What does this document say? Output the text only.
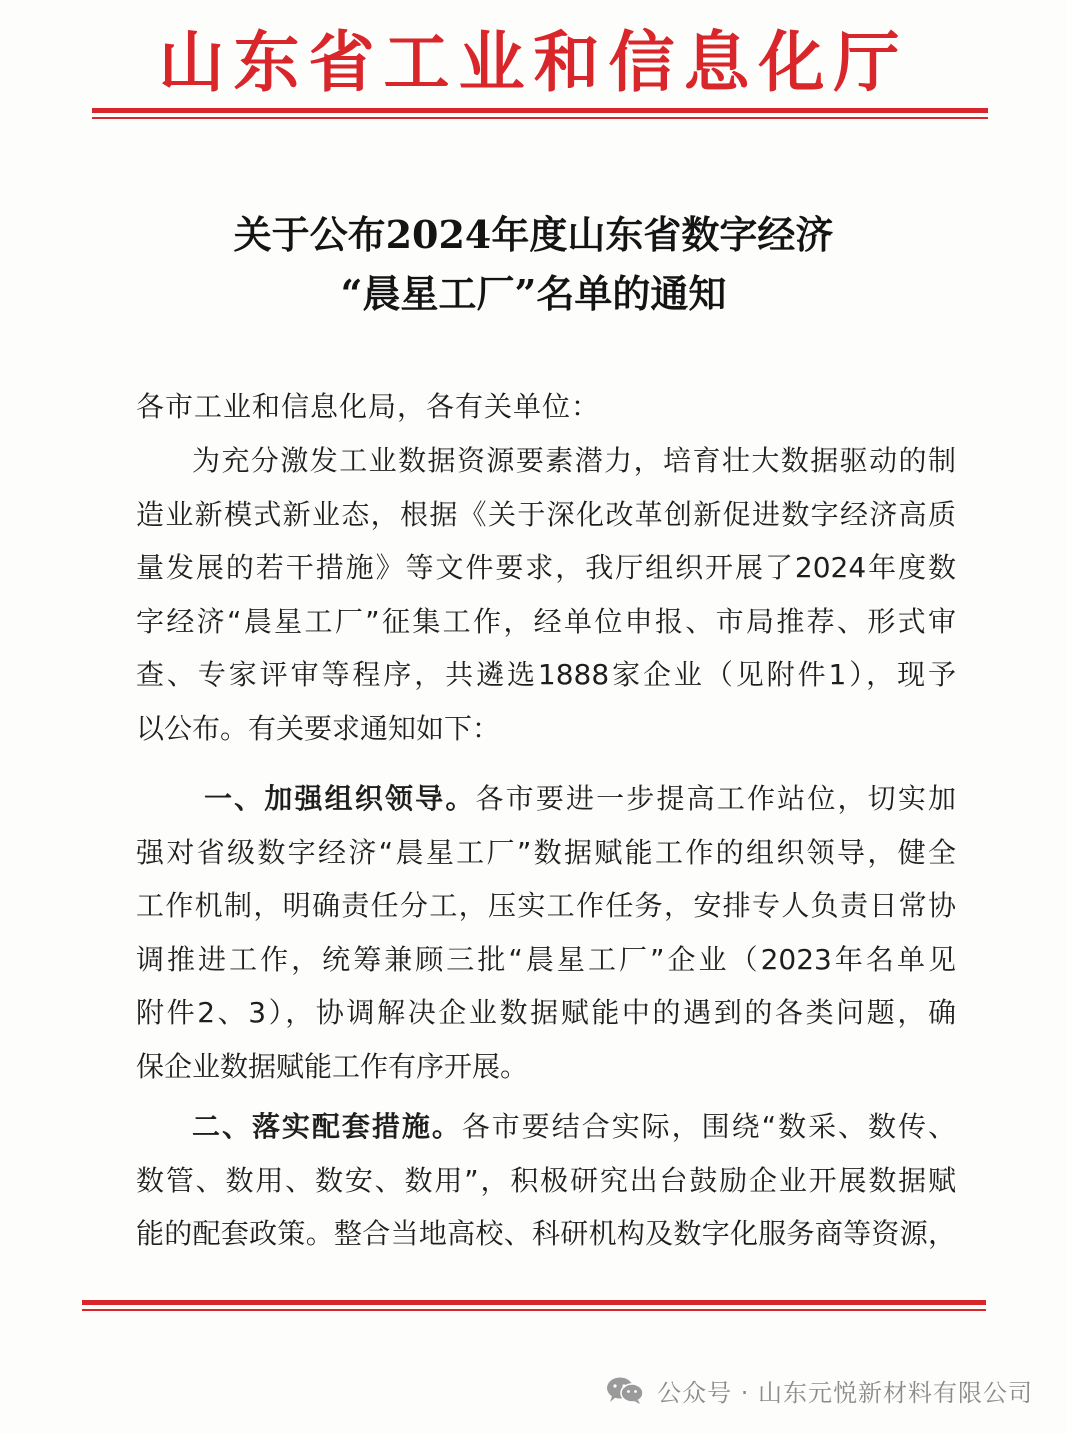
山东省工业和信息化厅
关于公布2024年度山东省数字经济
“晨星工厂”名单的通知
各市工业和信息化局，各有关单位：
为充分激发工业数据资源要素潜力，培育壮大数据驱动的制
造业新模式新业态，根据《关于深化改革创新促进数字经济高质
量发展的若干措施》等文件要求，我厅组织开展了2024年度数
字经济“晨星工厂”征集工作，经单位申报、市局推荐、形式审
查、专家评审等程序，共遴选1888家企业（见附件1），现予
以公布。有关要求通知如下：
一、加强组织领导。各市要进一步提高工作站位，切实加
强对省级数字经济“晨星工厂”数据赋能工作的组织领导，健全
工作机制，明确责任分工，压实工作任务，安排专人负责日常协
调推进工作，统筹兼顾三批“晨星工厂”企业（2023年名单见
附件2、3），协调解决企业数据赋能中的遇到的各类问题，确
保企业数据赋能工作有序开展。
二、落实配套措施。各市要结合实际，围绕“数采、数传、
数管、数用、数安、数用”，积极研究出台鼓励企业开展数据赋
能的配套政策。整合当地高校、科研机构及数字化服务商等资源，
公众号 · 山东元悦新材料有限公司
